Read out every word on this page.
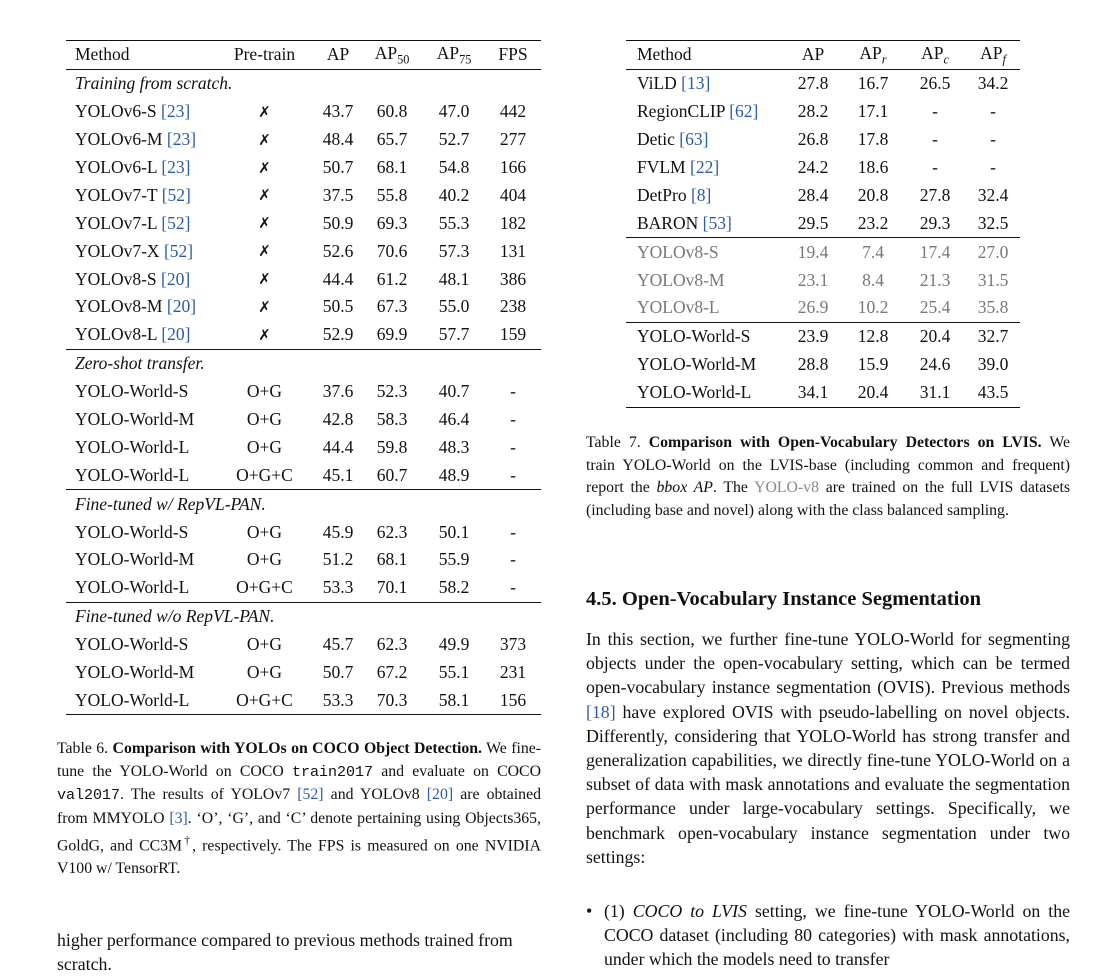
Method	Pre-train	AP	$AP_{50}$	$AP_{75}$	FPS
Training from scratch.					
YOLOv6-S [23]	✗	43.7	60.8	47.0	442
YOLOv6-M [23]	✗	48.4	65.7	52.7	277
YOLOv6-L [23]	✗	50.7	68.1	54.8	166
YOLOv7-T [52]	✗	37.5	55.8	40.2	404
YOLOv7-L [52]	✗	50.9	69.3	55.3	182
YOLOv7-X [52]	✗	52.6	70.6	57.3	131
YOLOv8-S [20]	✗	44.4	61.2	48.1	386
YOLOv8-M [20]	✗	50.5	67.3	55.0	238
YOLOv8-L [20]	✗	52.9	69.9	57.7	159
Zero-shot transfer.					
YOLO-World-S	O+G	37.6	52.3	40.7	-
YOLO-World-M	O+G	42.8	58.3	46.4	-
YOLO-World-L	O+G	44.4	59.8	48.3	-
YOLO-World-L	O+G+C	45.1	60.7	48.9	-
Fine-tuned w/ RepVL-PAN.					
YOLO-World-S	O+G	45.9	62.3	50.1	-
YOLO-World-M	O+G	51.2	68.1	55.9	-
YOLO-World-L	O+G+C	53.3	70.1	58.2	-
Fine-tuned w/o RepVL-PAN.					
YOLO-World-S	O+G	45.7	62.3	49.9	373
YOLO-World-M	O+G	50.7	67.2	55.1	231
YOLO-World-L	O+G+C	53.3	70.3	58.1	156
Table 6. Comparison with YOLOs on COCO Object Detection. We fine-tune the YOLO-World on COCO train2017 and evaluate on COCO val2017. The results of YOLOv7 [52] and YOLOv8 [20] are obtained from MMYOLO [3]. ‘O’, ‘G’, and ‘C’ denote pertaining using Objects365, GoldG, and CC3M†, respectively. The FPS is measured on one NVIDIA V100 w/ TensorRT.
higher performance compared to previous methods trained from scratch.
Method	AP	$AP_r$	$AP_c$	$AP_f$
ViLD [13]	27.8	16.7	26.5	34.2
RegionCLIP [62]	28.2	17.1	-	-
Detic [63]	26.8	17.8	-	-
FVLM [22]	24.2	18.6	-	-
DetPro [8]	28.4	20.8	27.8	32.4
BARON [53]	29.5	23.2	29.3	32.5
YOLOv8-S	19.4	7.4	17.4	27.0
YOLOv8-M	23.1	8.4	21.3	31.5
YOLOv8-L	26.9	10.2	25.4	35.8
YOLO-World-S	23.9	12.8	20.4	32.7
YOLO-World-M	28.8	15.9	24.6	39.0
YOLO-World-L	34.1	20.4	31.1	43.5
Table 7. Comparison with Open-Vocabulary Detectors on LVIS. We train YOLO-World on the LVIS-base (including common and frequent) report the bbox AP. The YOLO-v8 are trained on the full LVIS datasets (including base and novel) along with the class balanced sampling.
4.5. Open-Vocabulary Instance Segmentation
In this section, we further fine-tune YOLO-World for segmenting objects under the open-vocabulary setting, which can be termed open-vocabulary instance segmentation (OVIS). Previous methods [18] have explored OVIS with pseudo-labelling on novel objects. Differently, considering that YOLO-World has strong transfer and generalization capabilities, we directly fine-tune YOLO-World on a subset of data with mask annotations and evaluate the segmentation performance under large-vocabulary settings. Specifically, we benchmark open-vocabulary instance segmentation under two settings:
• (1) COCO to LVIS setting, we fine-tune YOLO-World on the COCO dataset (including 80 categories) with mask annotations, under which the models need to transfer
